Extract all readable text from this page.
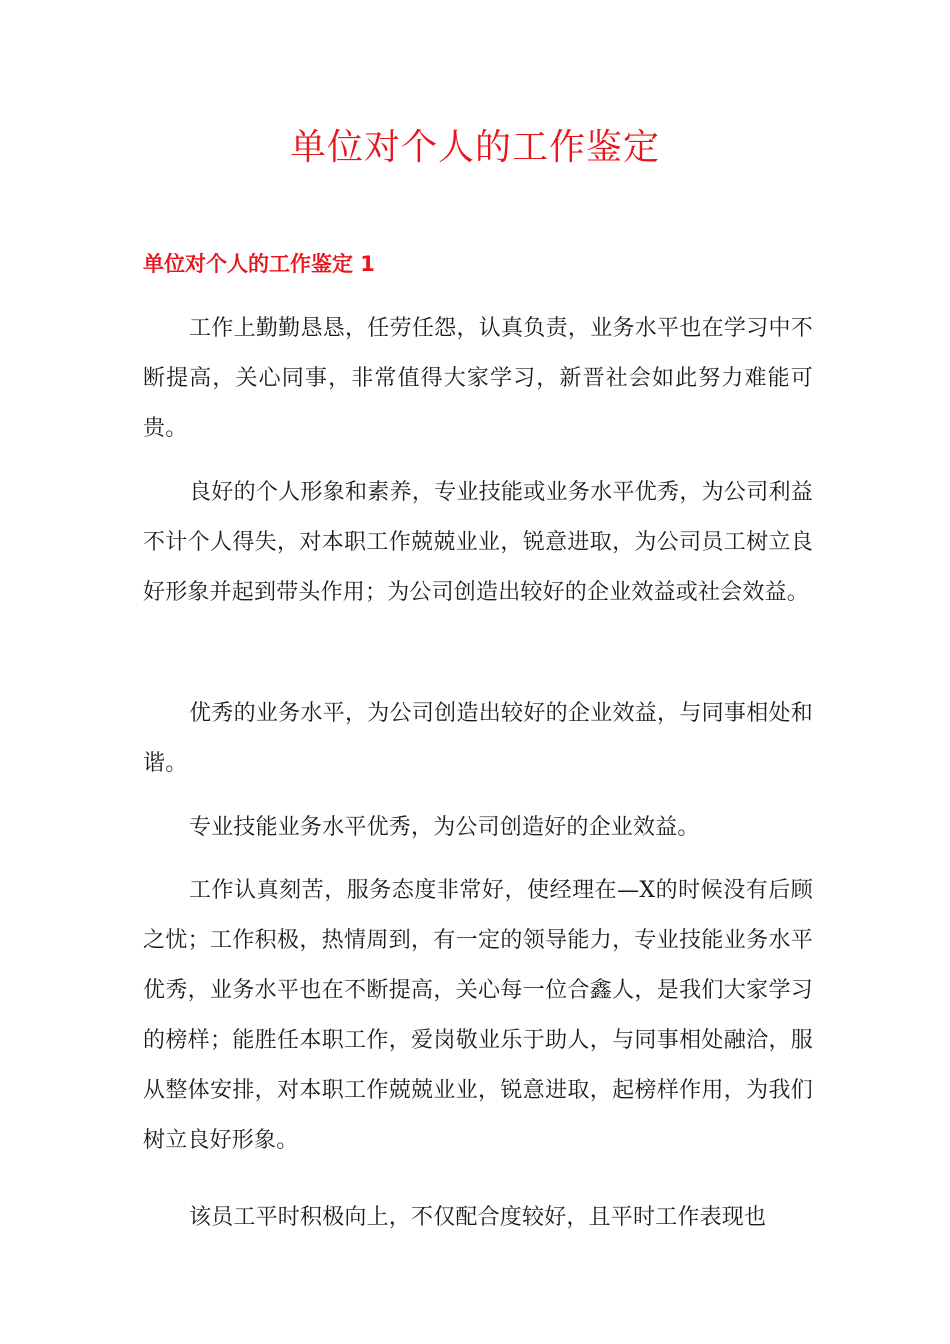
单位对个人的工作鉴定
单位对个人的工作鉴定 1

工作上勤勤恳恳，任劳任怨，认真负责，业务水平也在学习中不断提高，关心同事，非常值得大家学习，新晋社会如此努力难能可贵。

良好的个人形象和素养，专业技能或业务水平优秀，为公司利益不计个人得失，对本职工作兢兢业业，锐意进取，为公司员工树立良好形象并起到带头作用；为公司创造出较好的企业效益或社会效益。

优秀的业务水平，为公司创造出较好的企业效益，与同事相处和谐。

专业技能业务水平优秀，为公司创造好的企业效益。

工作认真刻苦，服务态度非常好，使经理在—X的时候没有后顾之忧；工作积极，热情周到，有一定的领导能力，专业技能业务水平优秀，业务水平也在不断提高，关心每一位合鑫人，是我们大家学习的榜样；能胜任本职工作，爱岗敬业乐于助人，与同事相处融洽，服从整体安排，对本职工作兢兢业业，锐意进取，起榜样作用，为我们树立良好形象。

该员工平时积极向上，不仅配合度较好，且平时工作表现也
